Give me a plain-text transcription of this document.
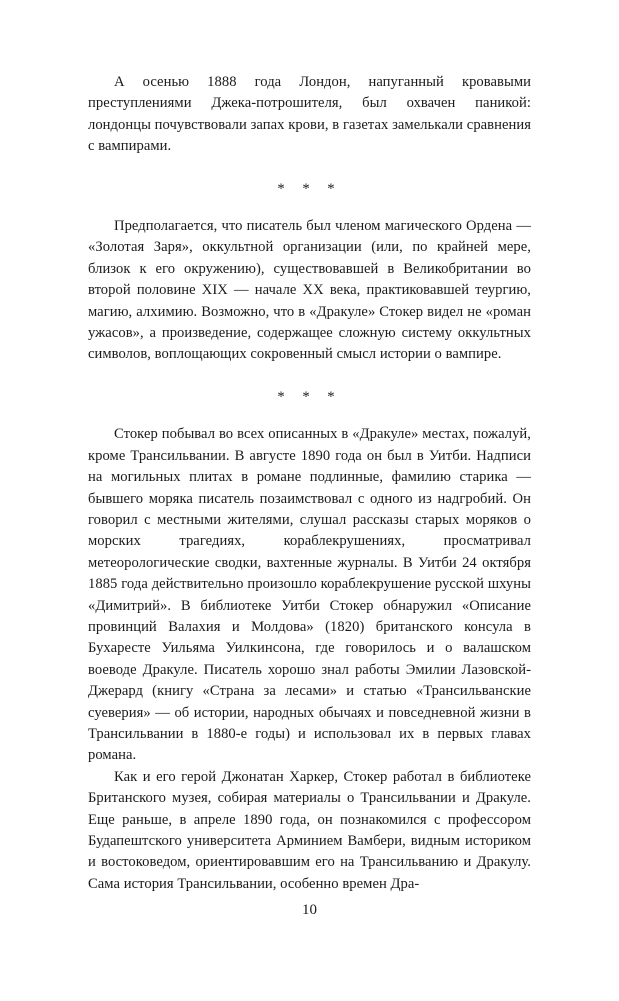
А осенью 1888 года Лондон, напуганный кровавыми преступлениями Джека-потрошителя, был охвачен паникой: лондонцы почувствовали запах крови, в газетах замелькали сравнения с вампирами.

* * *

Предполагается, что писатель был членом магического Ордена — «Золотая Заря», оккультной организации (или, по крайней мере, близок к его окружению), существовавшей в Великобритании во второй половине XIX — начале XX века, практиковавшей теургию, магию, алхимию. Возможно, что в «Дракуле» Стокер видел не «роман ужасов», а произведение, содержащее сложную систему оккультных символов, воплощающих сокровенный смысл истории о вампире.

* * *

Стокер побывал во всех описанных в «Дракуле» местах, пожалуй, кроме Трансильвании. В августе 1890 года он был в Уитби. Надписи на могильных плитах в романе подлинные, фамилию старика — бывшего моряка писатель позаимствовал с одного из надгробий. Он говорил с местными жителями, слушал рассказы старых моряков о морских трагедиях, кораблекрушениях, просматривал метеорологические сводки, вахтенные журналы. В Уитби 24 октября 1885 года действительно произошло кораблекрушение русской шхуны «Димитрий». В библиотеке Уитби Стокер обнаружил «Описание провинций Валахия и Молдова» (1820) британского консула в Бухаресте Уильяма Уилкинсона, где говорилось и о валашском воеводе Дракуле. Писатель хорошо знал работы Эмилии Лазовской-Джерард (книгу «Страна за лесами» и статью «Трансильванские суеверия» — об истории, народных обычаях и повседневной жизни в Трансильвании в 1880-е годы) и использовал их в первых главах романа.

Как и его герой Джонатан Харкер, Стокер работал в библиотеке Британского музея, собирая материалы о Трансильвании и Дракуле. Еще раньше, в апреле 1890 года, он познакомился с профессором Будапештского университета Арминием Вамбери, видным историком и востоковедом, ориентировавшим его на Трансильванию и Дракулу. Сама история Трансильвании, особенно времен Дра-

10
